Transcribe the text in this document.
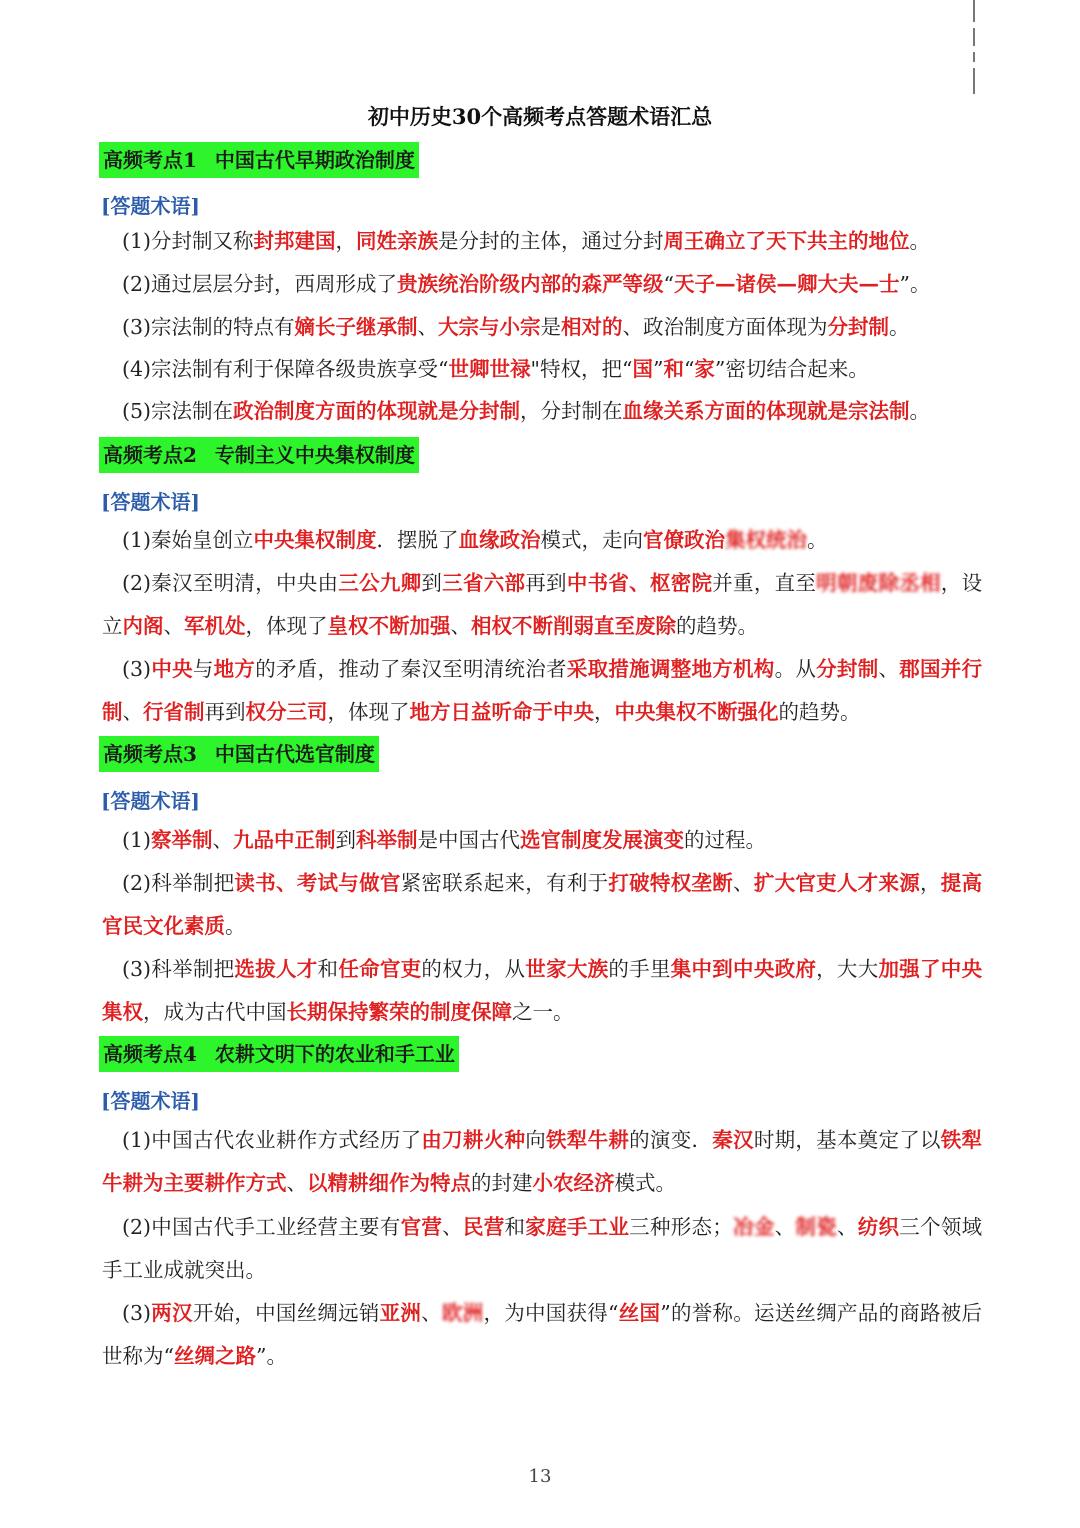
初中历史30个高频考点答题术语汇总
高频考点1 中国古代早期政治制度
[答题术语]
(1)分封制又称封邦建国，同姓亲族是分封的主体，通过分封周王确立了天下共主的地位。
(2)通过层层分封，西周形成了贵族统治阶级内部的森严等级“天子—诸侯—卿大夫—士”。
(3)宗法制的特点有嫡长子继承制、大宗与小宗是相对的、政治制度方面体现为分封制。
(4)宗法制有利于保障各级贵族享受“世卿世禄"特权，把“国”和“家”密切结合起来。
(5)宗法制在政治制度方面的体现就是分封制，分封制在血缘关系方面的体现就是宗法制。
高频考点2 专制主义中央集权制度
[答题术语]
(1)秦始皇创立中央集权制度．摆脱了血缘政治模式，走向官僚政治集权统治。
(2)秦汉至明清，中央由三公九卿到三省六部再到中书省、枢密院并重，直至明朝废除丞相，设立内阁、军机处，体现了皇权不断加强、相权不断削弱直至废除的趋势。
(3)中央与地方的矛盾，推动了秦汉至明清统治者采取措施调整地方机构。从分封制、郡国并行制、行省制再到权分三司，体现了地方日益听命于中央，中央集权不断强化的趋势。
高频考点3 中国古代选官制度
[答题术语]
(1)察举制、九品中正制到科举制是中国古代选官制度发展演变的过程。
(2)科举制把读书、考试与做官紧密联系起来，有利于打破特权垄断、扩大官吏人才来源，提高官民文化素质。
(3)科举制把选拔人才和任命官吏的权力，从世家大族的手里集中到中央政府，大大加强了中央集权，成为古代中国长期保持繁荣的制度保障之一。
高频考点4 农耕文明下的农业和手工业
[答题术语]
(1)中国古代农业耕作方式经历了由刀耕火种向铁犁牛耕的演变．秦汉时期，基本奠定了以铁犁牛耕为主要耕作方式、以精耕细作为特点的封建小农经济模式。
(2)中国古代手工业经营主要有官营、民营和家庭手工业三种形态；冶金、制瓷、纺织三个领域手工业成就突出。
(3)两汉开始，中国丝绸远销亚洲、欧洲，为中国获得“丝国”的誉称。运送丝绸产品的商路被后世称为“丝绸之路”。
13
